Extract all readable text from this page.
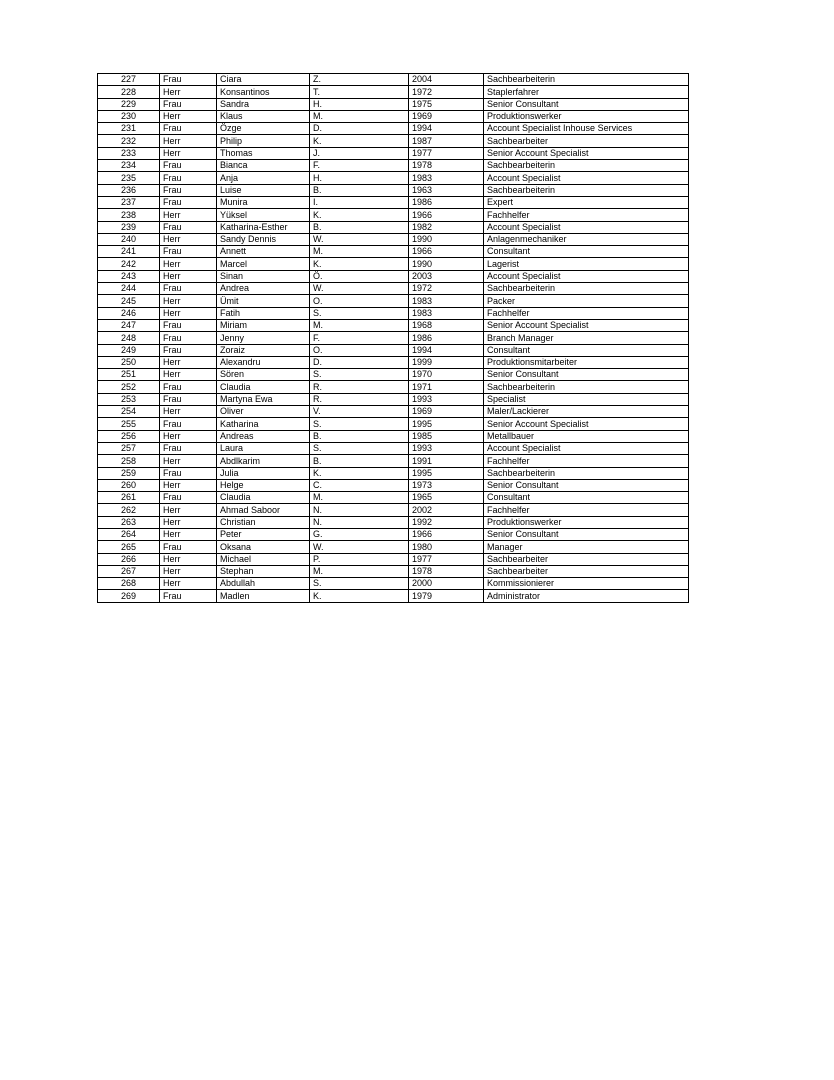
227	Frau	Ciara	Z.	2004	Sachbearbeiterin
228	Herr	Konsantinos	T.	1972	Staplerfahrer
229	Frau	Sandra	H.	1975	Senior Consultant
230	Herr	Klaus	M.	1969	Produktionswerker
231	Frau	Özge	D.	1994	Account Specialist Inhouse Services
232	Herr	Philip	K.	1987	Sachbearbeiter
233	Herr	Thomas	J.	1977	Senior Account Specialist
234	Frau	Bianca	F.	1978	Sachbearbeiterin
235	Frau	Anja	H.	1983	Account Specialist
236	Frau	Luise	B.	1963	Sachbearbeiterin
237	Frau	Munira	I.	1986	Expert
238	Herr	Yüksel	K.	1966	Fachhelfer
239	Frau	Katharina-Esther	B.	1982	Account Specialist
240	Herr	Sandy Dennis	W.	1990	Anlagenmechaniker
241	Frau	Annett	M.	1966	Consultant
242	Herr	Marcel	K.	1990	Lagerist
243	Herr	Sinan	Ö.	2003	Account Specialist
244	Frau	Andrea	W.	1972	Sachbearbeiterin
245	Herr	Ümit	O.	1983	Packer
246	Herr	Fatih	S.	1983	Fachhelfer
247	Frau	Miriam	M.	1968	Senior Account Specialist
248	Frau	Jenny	F.	1986	Branch Manager
249	Frau	Zoraiz	O.	1994	Consultant
250	Herr	Alexandru	D.	1999	Produktionsmitarbeiter
251	Herr	Sören	S.	1970	Senior Consultant
252	Frau	Claudia	R.	1971	Sachbearbeiterin
253	Frau	Martyna Ewa	R.	1993	Specialist
254	Herr	Oliver	V.	1969	Maler/Lackierer
255	Frau	Katharina	S.	1995	Senior Account Specialist
256	Herr	Andreas	B.	1985	Metallbauer
257	Frau	Laura	S.	1993	Account Specialist
258	Herr	Abdlkarim	B.	1991	Fachhelfer
259	Frau	Julia	K.	1995	Sachbearbeiterin
260	Herr	Helge	C.	1973	Senior Consultant
261	Frau	Claudia	M.	1965	Consultant
262	Herr	Ahmad Saboor	N.	2002	Fachhelfer
263	Herr	Christian	N.	1992	Produktionswerker
264	Herr	Peter	G.	1966	Senior Consultant
265	Frau	Oksana	W.	1980	Manager
266	Herr	Michael	P.	1977	Sachbearbeiter
267	Herr	Stephan	M.	1978	Sachbearbeiter
268	Herr	Abdullah	S.	2000	Kommissionierer
269	Frau	Madlen	K.	1979	Administrator
